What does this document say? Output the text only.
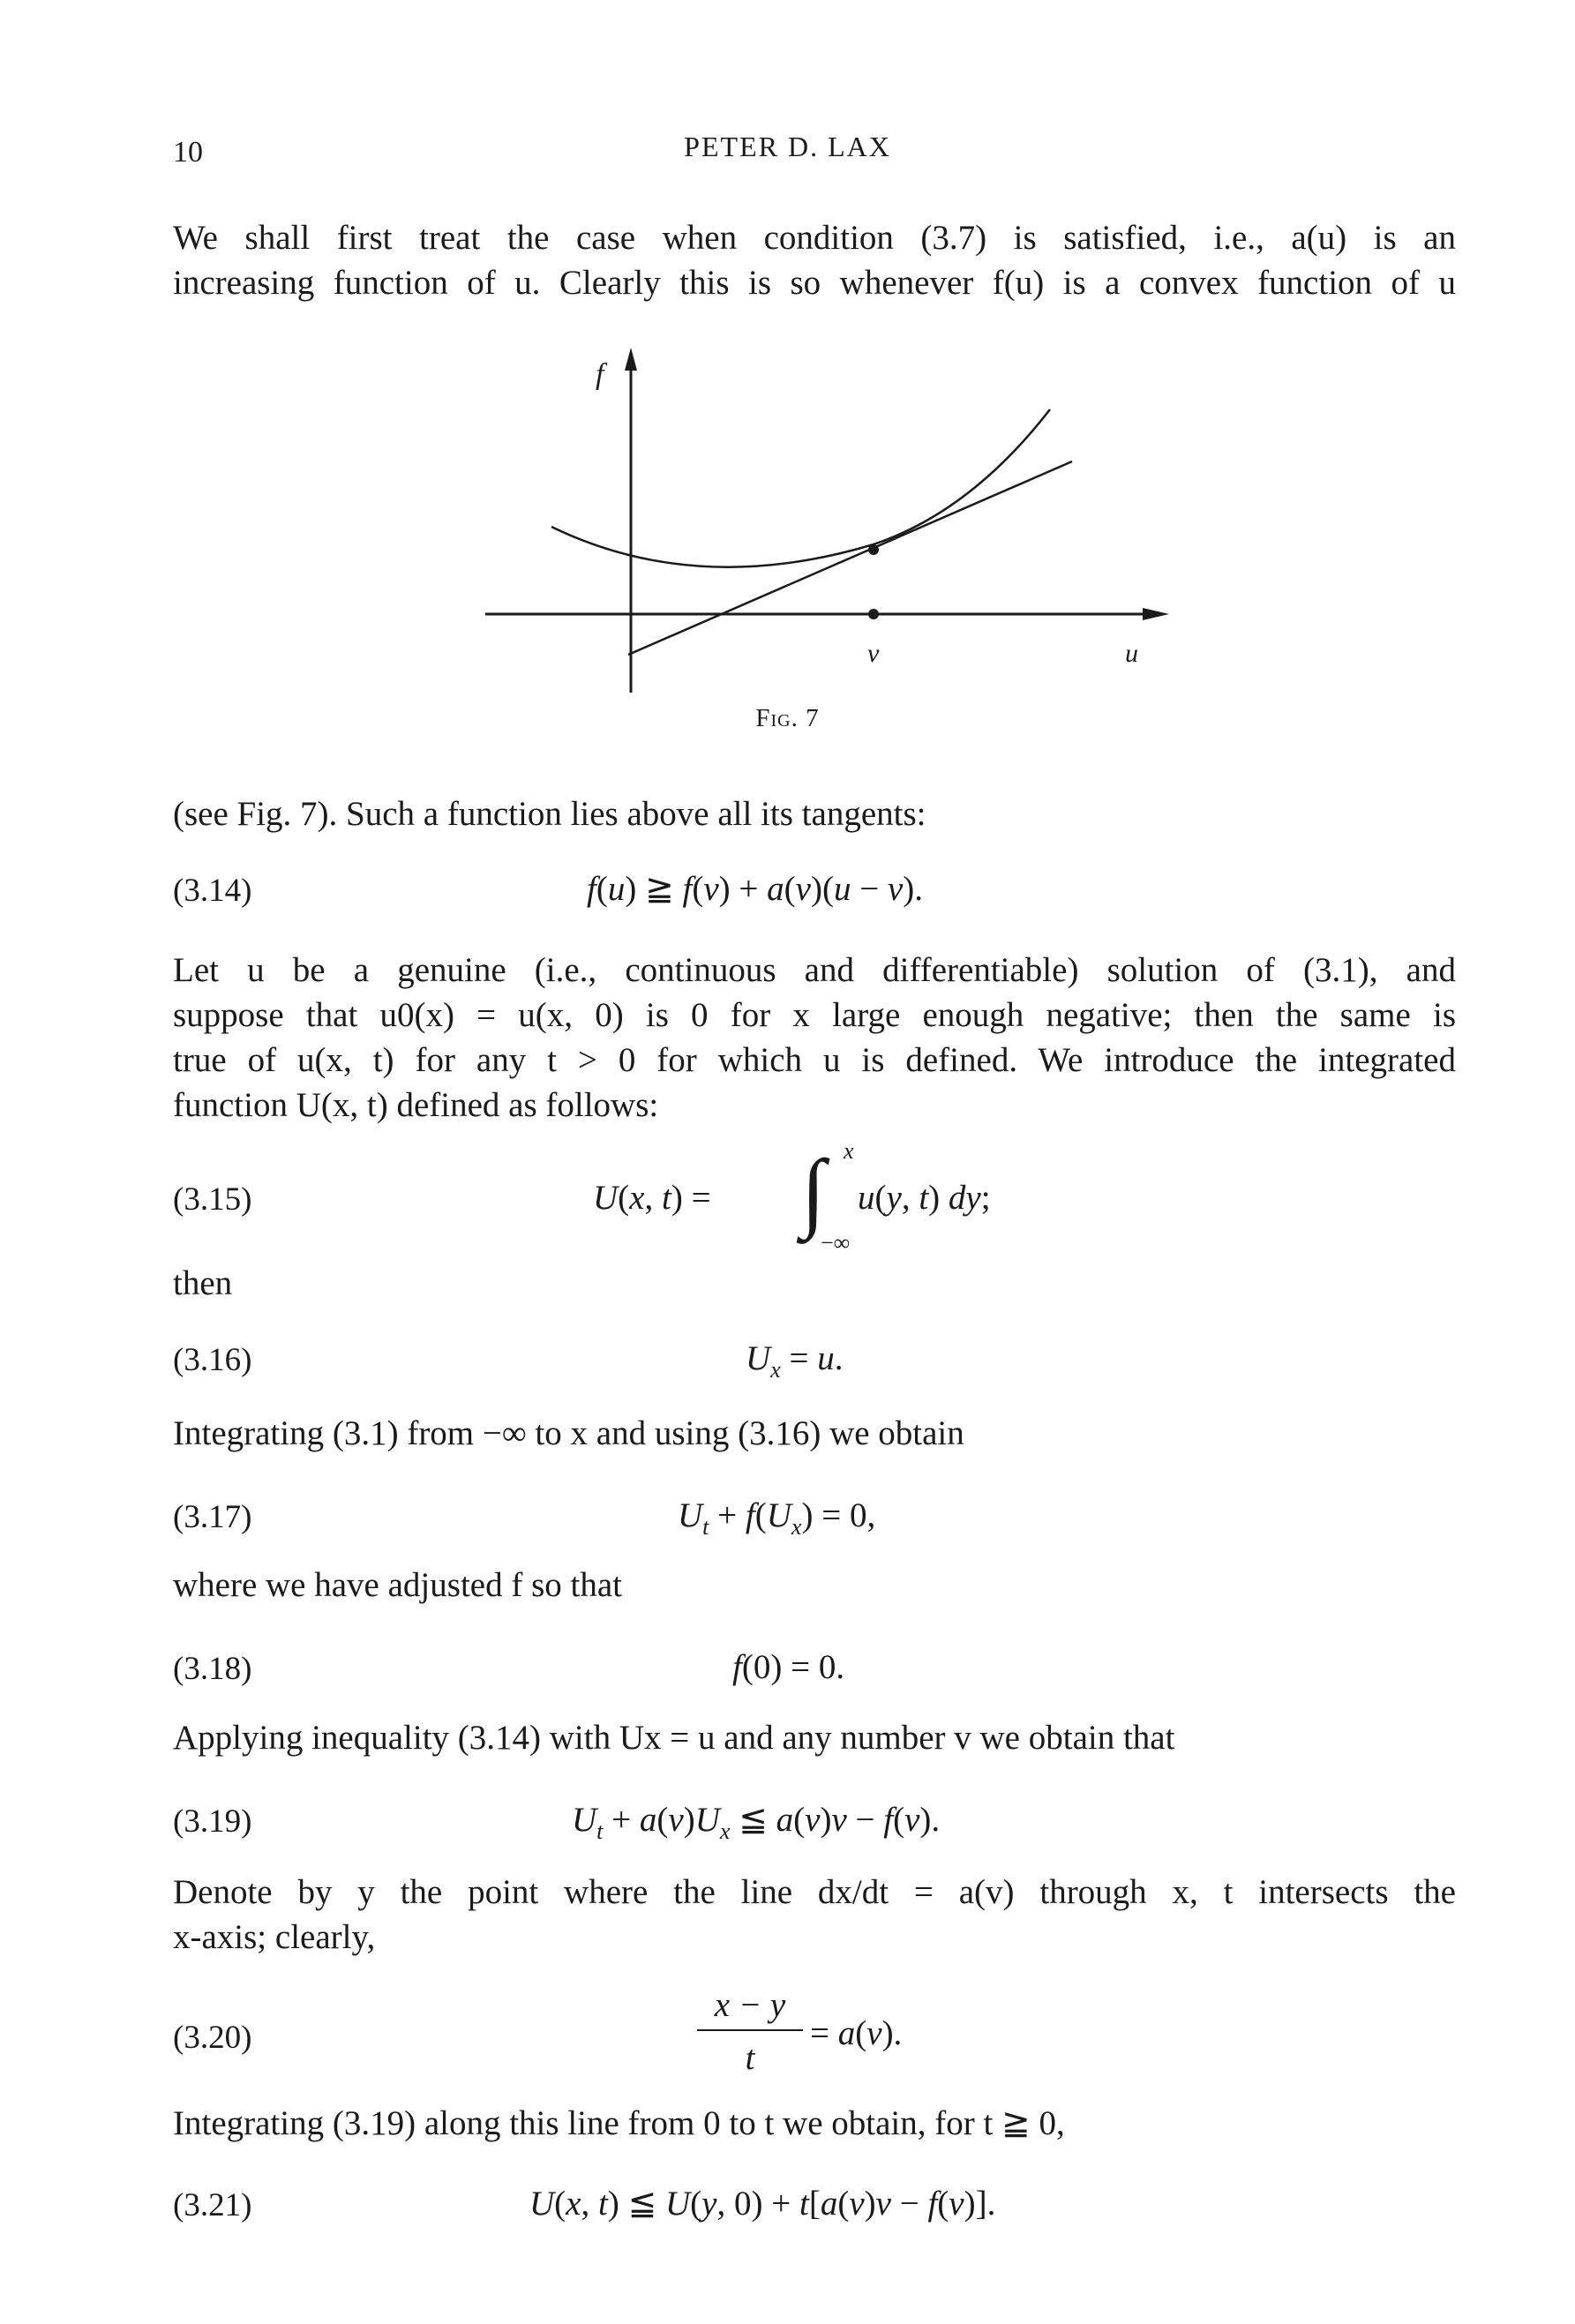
10	PETER D. LAX
We shall first treat the case when condition (3.7) is satisfied, i.e., a(u) is an
increasing function of u. Clearly this is so whenever f(u) is a convex function of u
f
v	u
Fig. 7
(see Fig. 7). Such a function lies above all its tangents:
(3.14)	f(u) ≧ f(v) + a(v)(u − v).
Let u be a genuine (i.e., continuous and differentiable) solution of (3.1), and
suppose that u0(x) = u(x, 0) is 0 for x large enough negative; then the same is
true of u(x, t) for any t > 0 for which u is defined. We introduce the integrated
function U(x, t) defined as follows:
(3.15)	U(x, t) = ∫ x
−∞
u(y, t) dy;
then
(3.16)	$U_x = u$.
Integrating (3.1) from −∞ to x and using (3.16) we obtain
(3.17)	$U_t + f(U_x) = 0$,
where we have adjusted f so that
(3.18)	f(0) = 0.
Applying inequality (3.14) with Ux = u and any number v we obtain that
(3.19)	$U_t + a(v)U_x$ ≦ a(v)v − f(v).
Denote by y the point where the line dx/dt = a(v) through x, t intersects the
x-axis; clearly,
(3.20)
x − y
t
= a(v).
Integrating (3.19) along this line from 0 to t we obtain, for t ≧ 0,
(3.21)	U(x, t) ≦ U(y, 0) + t[a(v)v − f(v)].
